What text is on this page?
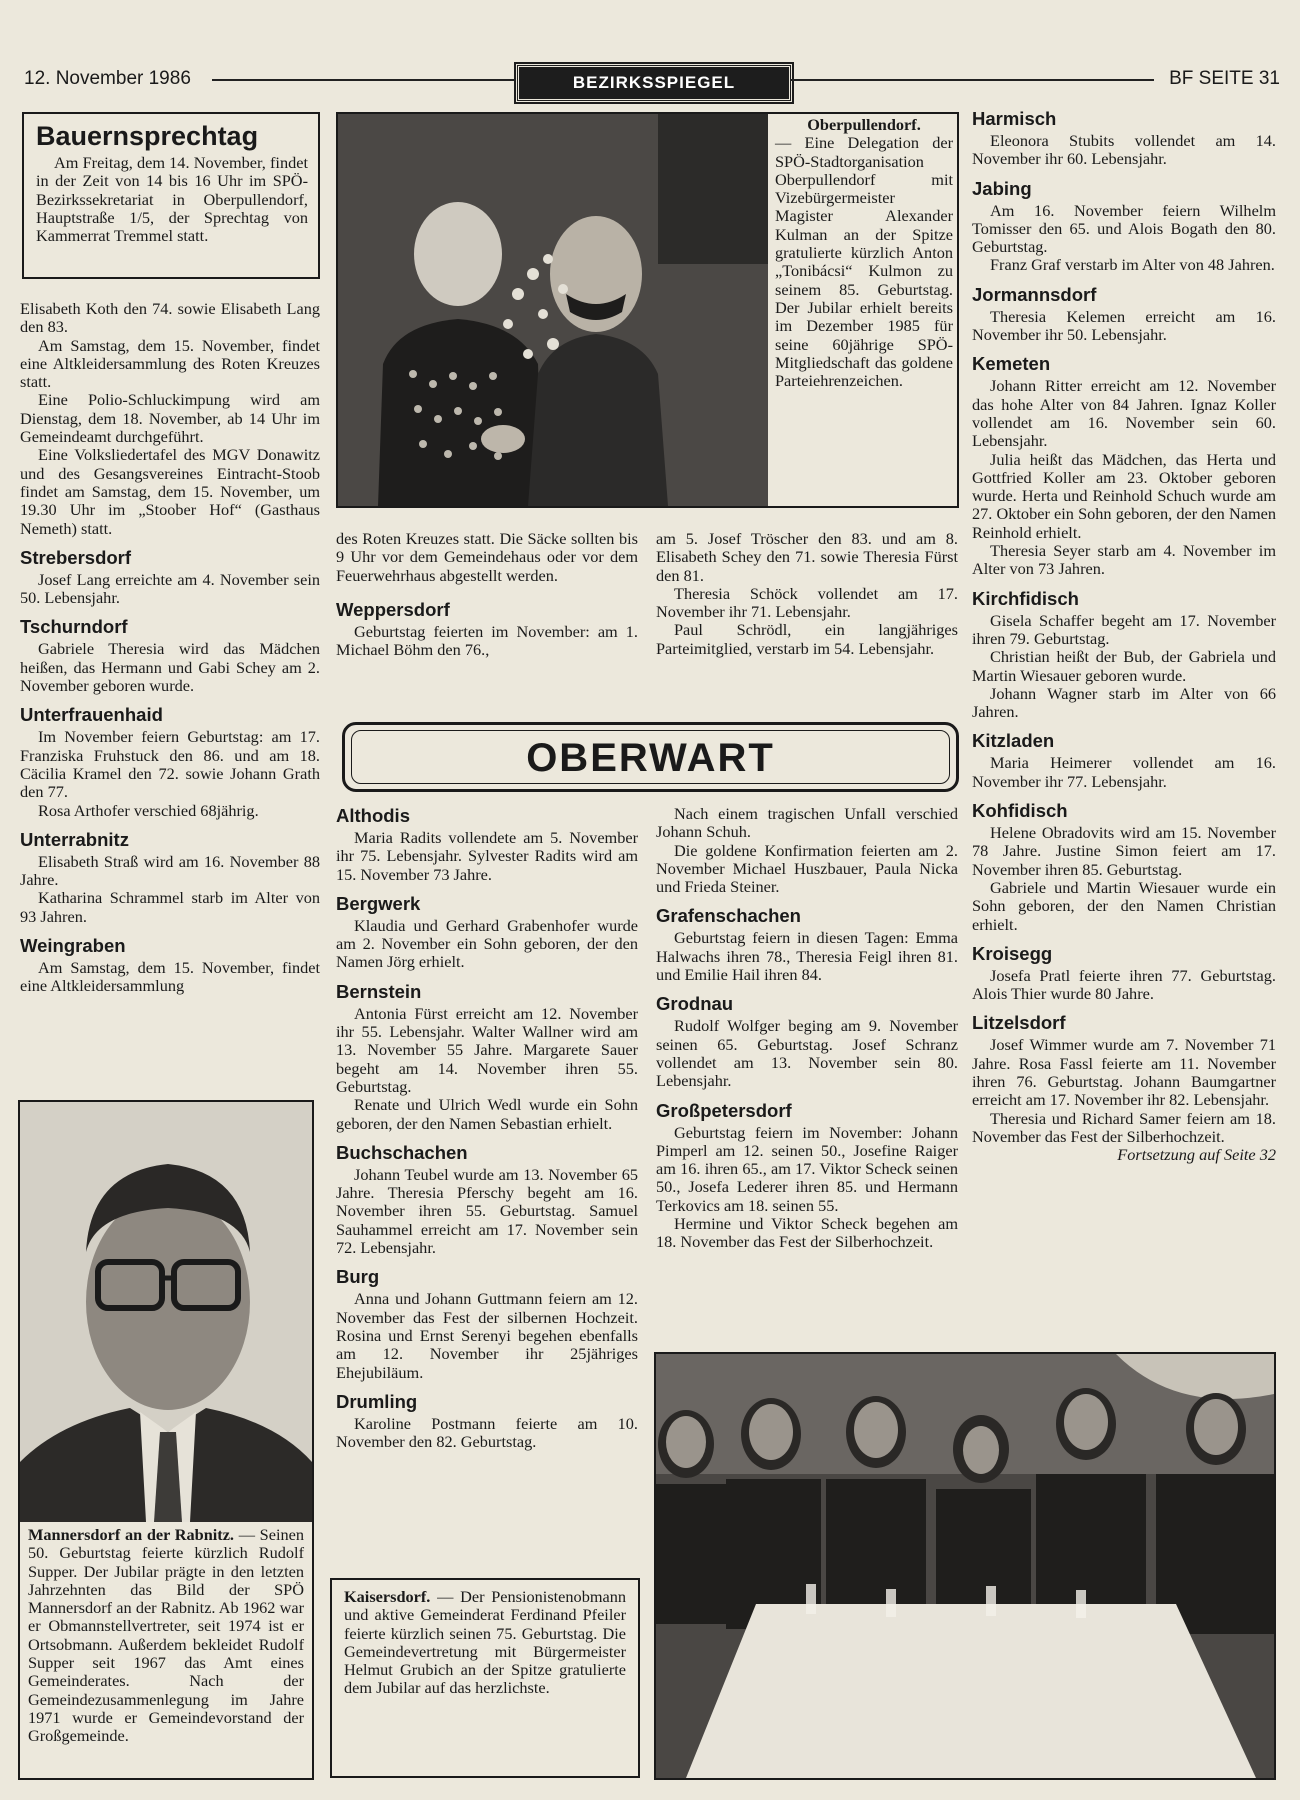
12. November 1986	BEZIRKSSPIEGEL	BF SEITE 31
Bauernsprechtag
Am Freitag, dem 14. November, findet in der Zeit von 14 bis 16 Uhr im SPÖ-Bezirkssekretariat in Oberpullendorf, Hauptstraße 1/5, der Sprechtag von Kammerrat Tremmel statt.

Elisabeth Koth den 74. sowie Elisabeth Lang den 83.

Am Samstag, dem 15. November, findet eine Altkleidersammlung des Roten Kreuzes statt.

Eine Polio-Schluckimpung wird am Dienstag, dem 18. November, ab 14 Uhr im Gemeindeamt durchgeführt.

Eine Volksliedertafel des MGV Donawitz und des Gesangsvereines Eintracht-Stoob findet am Samstag, dem 15. November, um 19.30 Uhr im „Stoober Hof“ (Gasthaus Nemeth) statt.

Strebersdorf

Josef Lang erreichte am 4. November sein 50. Lebensjahr.

Tschurndorf

Gabriele Theresia wird das Mädchen heißen, das Hermann und Gabi Schey am 2. November geboren wurde.

Unterfrauenhaid

Im November feiern Geburtstag: am 17. Franziska Fruhstuck den 86. und am 18. Cäcilia Kramel den 72. sowie Johann Grath den 77.

Rosa Arthofer verschied 68jährig.

Unterrabnitz

Elisabeth Straß wird am 16. November 88 Jahre.

Katharina Schrammel starb im Alter von 93 Jahren.

Weingraben

Am Samstag, dem 15. November, findet eine Altkleidersammlung

Oberpullendorf.
— Eine Delegation der SPÖ-Stadtorganisation Oberpullendorf mit Vizebürgermeister Magister Alexander Kulman an der Spitze gratulierte kürzlich Anton „Tonibácsi“ Kulmon zu seinem 85. Geburtstag. Der Jubilar erhielt bereits im Dezember 1985 für seine 60jährige SPÖ-Mitgliedschaft das goldene Parteiehrenzeichen.

des Roten Kreuzes statt. Die Säcke sollten bis 9 Uhr vor dem Gemeindehaus oder vor dem Feuerwehrhaus abgestellt werden.

Weppersdorf

Geburtstag feierten im November: am 1. Michael Böhm den 76.,

am 5. Josef Tröscher den 83. und am 8. Elisabeth Schey den 71. sowie Theresia Fürst den 81.

Theresia Schöck vollendet am 17. November ihr 71. Lebensjahr.

Paul Schrödl, ein langjähriges Parteimitglied, verstarb im 54. Lebensjahr.

OBERWART
Althodis

Maria Radits vollendete am 5. November ihr 75. Lebensjahr. Sylvester Radits wird am 15. November 73 Jahre.

Bergwerk

Klaudia und Gerhard Grabenhofer wurde am 2. November ein Sohn geboren, der den Namen Jörg erhielt.

Bernstein

Antonia Fürst erreicht am 12. November ihr 55. Lebensjahr. Walter Wallner wird am 13. November 55 Jahre. Margarete Sauer begeht am 14. November ihren 55. Geburtstag.

Renate und Ulrich Wedl wurde ein Sohn geboren, der den Namen Sebastian erhielt.

Buchschachen

Johann Teubel wurde am 13. November 65 Jahre. Theresia Pferschy begeht am 16. November ihren 55. Geburtstag. Samuel Sauhammel erreicht am 17. November sein 72. Lebensjahr.

Burg

Anna und Johann Guttmann feiern am 12. November das Fest der silbernen Hochzeit. Rosina und Ernst Serenyi begehen ebenfalls am 12. November ihr 25jähriges Ehejubiläum.

Drumling

Karoline Postmann feierte am 10. November den 82. Geburtstag.

Kaisersdorf. — Der Pensionistenobmann und aktive Gemeinderat Ferdinand Pfeiler feierte kürzlich seinen 75. Geburtstag. Die Gemeindevertretung mit Bürgermeister Helmut Grubich an der Spitze gratulierte dem Jubilar auf das herzlichste.

Nach einem tragischen Unfall verschied Johann Schuh.

Die goldene Konfirmation feierten am 2. November Michael Huszbauer, Paula Nicka und Frieda Steiner.

Grafenschachen

Geburtstag feiern in diesen Tagen: Emma Halwachs ihren 78., Theresia Feigl ihren 81. und Emilie Hail ihren 84.

Grodnau

Rudolf Wolfger beging am 9. November seinen 65. Geburtstag. Josef Schranz vollendet am 13. November sein 80. Lebensjahr.

Großpetersdorf

Geburtstag feiern im November: Johann Pimperl am 12. seinen 50., Josefine Raiger am 16. ihren 65., am 17. Viktor Scheck seinen 50., Josefa Lederer ihren 85. und Hermann Terkovics am 18. seinen 55.

Hermine und Viktor Scheck begehen am 18. November das Fest der Silberhochzeit.

Harmisch

Eleonora Stubits vollendet am 14. November ihr 60. Lebensjahr.

Jabing

Am 16. November feiern Wilhelm Tomisser den 65. und Alois Bogath den 80. Geburtstag.

Franz Graf verstarb im Alter von 48 Jahren.

Jormannsdorf

Theresia Kelemen erreicht am 16. November ihr 50. Lebensjahr.

Kemeten

Johann Ritter erreicht am 12. November das hohe Alter von 84 Jahren. Ignaz Koller vollendet am 16. November sein 60. Lebensjahr.

Julia heißt das Mädchen, das Herta und Gottfried Koller am 23. Oktober geboren wurde. Herta und Reinhold Schuch wurde am 27. Oktober ein Sohn geboren, der den Namen Reinhold erhielt.

Theresia Seyer starb am 4. November im Alter von 73 Jahren.

Kirchfidisch

Gisela Schaffer begeht am 17. November ihren 79. Geburtstag.

Christian heißt der Bub, der Gabriela und Martin Wiesauer geboren wurde.

Johann Wagner starb im Alter von 66 Jahren.

Kitzladen

Maria Heimerer vollendet am 16. November ihr 77. Lebensjahr.

Kohfidisch

Helene Obradovits wird am 15. November 78 Jahre. Justine Simon feiert am 17. November ihren 85. Geburtstag.

Gabriele und Martin Wiesauer wurde ein Sohn geboren, der den Namen Christian erhielt.

Kroisegg

Josefa Pratl feierte ihren 77. Geburtstag. Alois Thier wurde 80 Jahre.

Litzelsdorf

Josef Wimmer wurde am 7. November 71 Jahre. Rosa Fassl feierte am 11. November ihren 76. Geburtstag. Johann Baumgartner erreicht am 17. November ihr 82. Lebensjahr.

Theresia und Richard Samer feiern am 18. November das Fest der Silberhochzeit.

Fortsetzung auf Seite 32

Mannersdorf an der Rabnitz. — Seinen 50. Geburtstag feierte kürzlich Rudolf Supper. Der Jubilar prägte in den letzten Jahrzehnten das Bild der SPÖ Mannersdorf an der Rabnitz. Ab 1962 war er Obmannstellvertreter, seit 1974 ist er Ortsobmann. Außerdem bekleidet Rudolf Supper seit 1967 das Amt eines Gemeinderates. Nach der Gemeindezusammenlegung im Jahre 1971 wurde er Gemeindevorstand der Großgemeinde.
